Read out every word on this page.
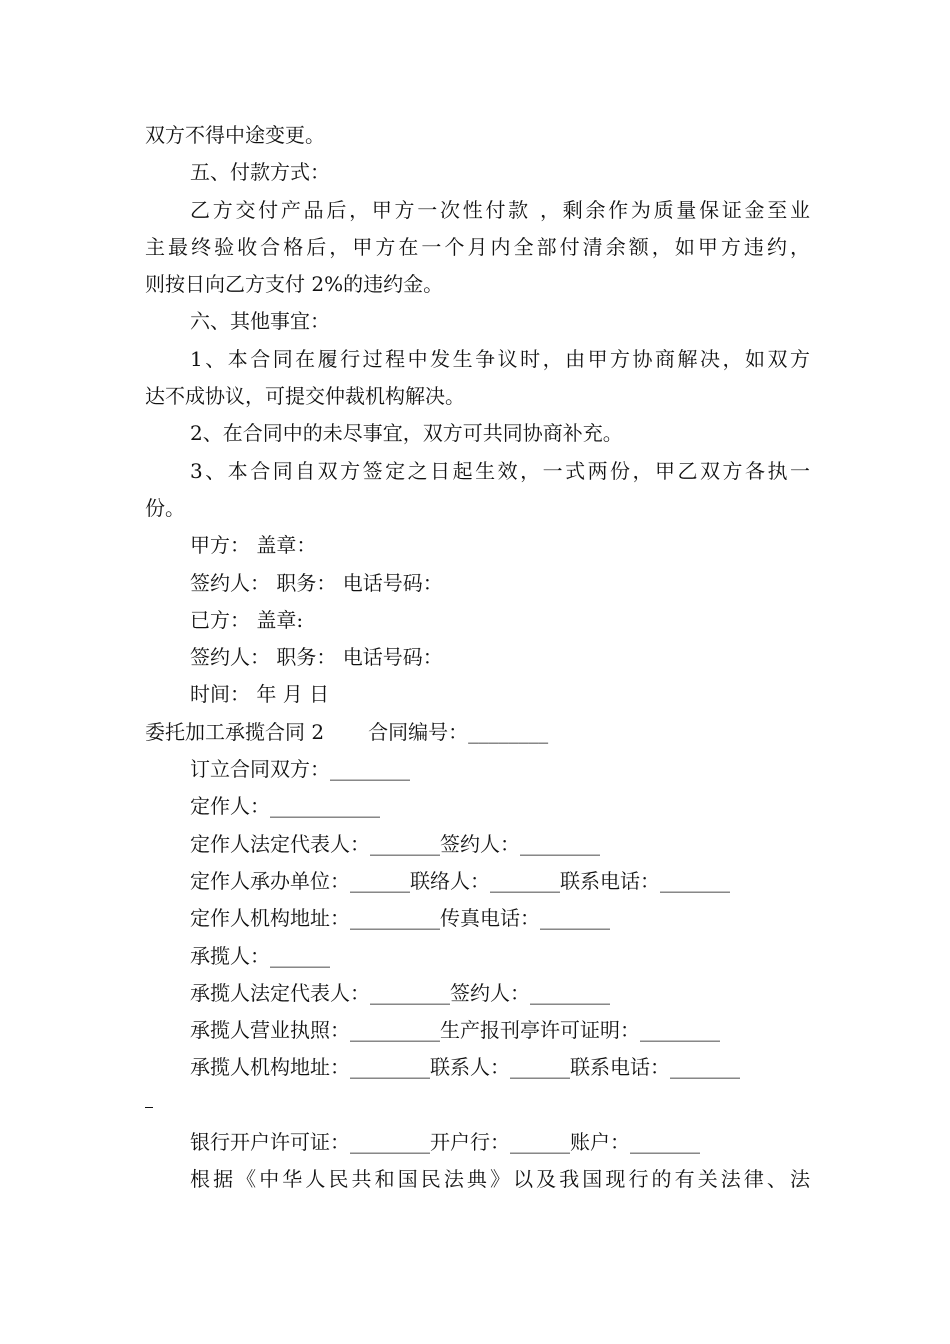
双方不得中途变更。
五、付款方式：
乙方交付产品后，甲方一次性付款 ，剩余作为质量保证金至业
主最终验收合格后，甲方在一个月内全部付清余额，如甲方违约，
则按日向乙方支付 2%的违约金。
六、其他事宜：
1、本合同在履行过程中发生争议时，由甲方协商解决，如双方
达不成协议，可提交仲裁机构解决。
2、在合同中的未尽事宜，双方可共同协商补充。
3、本合同自双方签定之日起生效，一式两份，甲乙双方各执一
份。
甲方： 盖章：
签约人： 职务： 电话号码：
已方： 盖章:
签约人： 职务： 电话号码：
时间： 年 月 日
委托加工承揽合同 2 合同编号：________
订立合同双方：________
定作人：___________
定作人法定代表人：_______签约人：________
定作人承办单位：______联络人：_______联系电话：_______
定作人机构地址：_________传真电话：_______
承揽人：______
承揽人法定代表人：________签约人：________
承揽人营业执照：_________生产报刊亭许可证明：________
承揽人机构地址：________联系人：______联系电话：_______
银行开户许可证：________开户行：______账户：_______
根据《中华人民共和国民法典》以及我国现行的有关法律、法
